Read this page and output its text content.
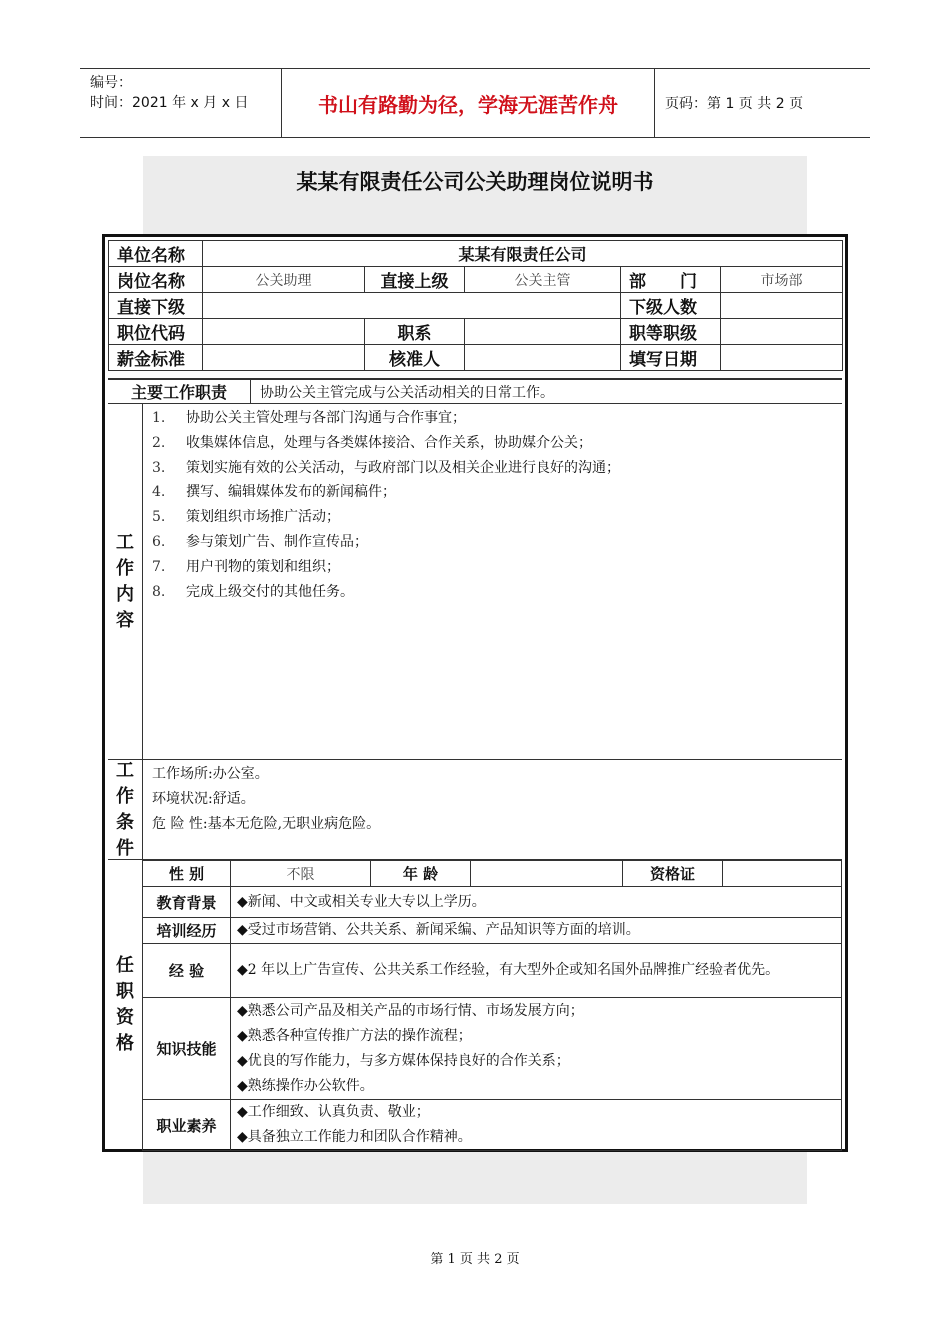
编号：
时间：2021 年 x 月 x 日	书山有路勤为径，学海无涯苦作舟	页码：第 1 页 共 2 页
某某有限责任公司公关助理岗位说明书
单位名称	某某有限责任公司				
岗位名称	公关助理	直接上级	公关主管	部　　门	市场部
直接下级				下级人数	
职位代码		职系		职等职级	
薪金标准		核准人		填写日期	
主要工作职责	协助公关主管完成与公关活动相关的日常工作。
工
作
内
容
1. 协助公关主管处理与各部门沟通与合作事宜；
2. 收集媒体信息，处理与各类媒体接洽、合作关系，协助媒介公关；
3. 策划实施有效的公关活动，与政府部门以及相关企业进行良好的沟通；
4. 撰写、编辑媒体发布的新闻稿件；
5. 策划组织市场推广活动；
6. 参与策划广告、制作宣传品；
7. 用户刊物的策划和组织；
8. 完成上级交付的其他任务。
工
作
条
件
工作场所:办公室。
环境状况:舒适。
危 险 性:基本无危险,无职业病危险。
任
职
资
格
性 别	不限	年 龄		资格证	
教育背景	◆新闻、中文或相关专业大专以上学历。				
培训经历	◆受过市场营销、公共关系、新闻采编、产品知识等方面的培训。				
经 验	◆2 年以上广告宣传、公共关系工作经验，有大型外企或知名国外品牌推广经验者优先。				
知识技能	◆熟悉公司产品及相关产品的市场行情、市场发展方向；
◆熟悉各种宣传推广方法的操作流程；
◆优良的写作能力，与多方媒体保持良好的合作关系；
◆熟练操作办公软件。				

职业素养	◆工作细致、认真负责、敬业；
◆具备独立工作能力和团队合作精神。				
第 1 页 共 2 页
